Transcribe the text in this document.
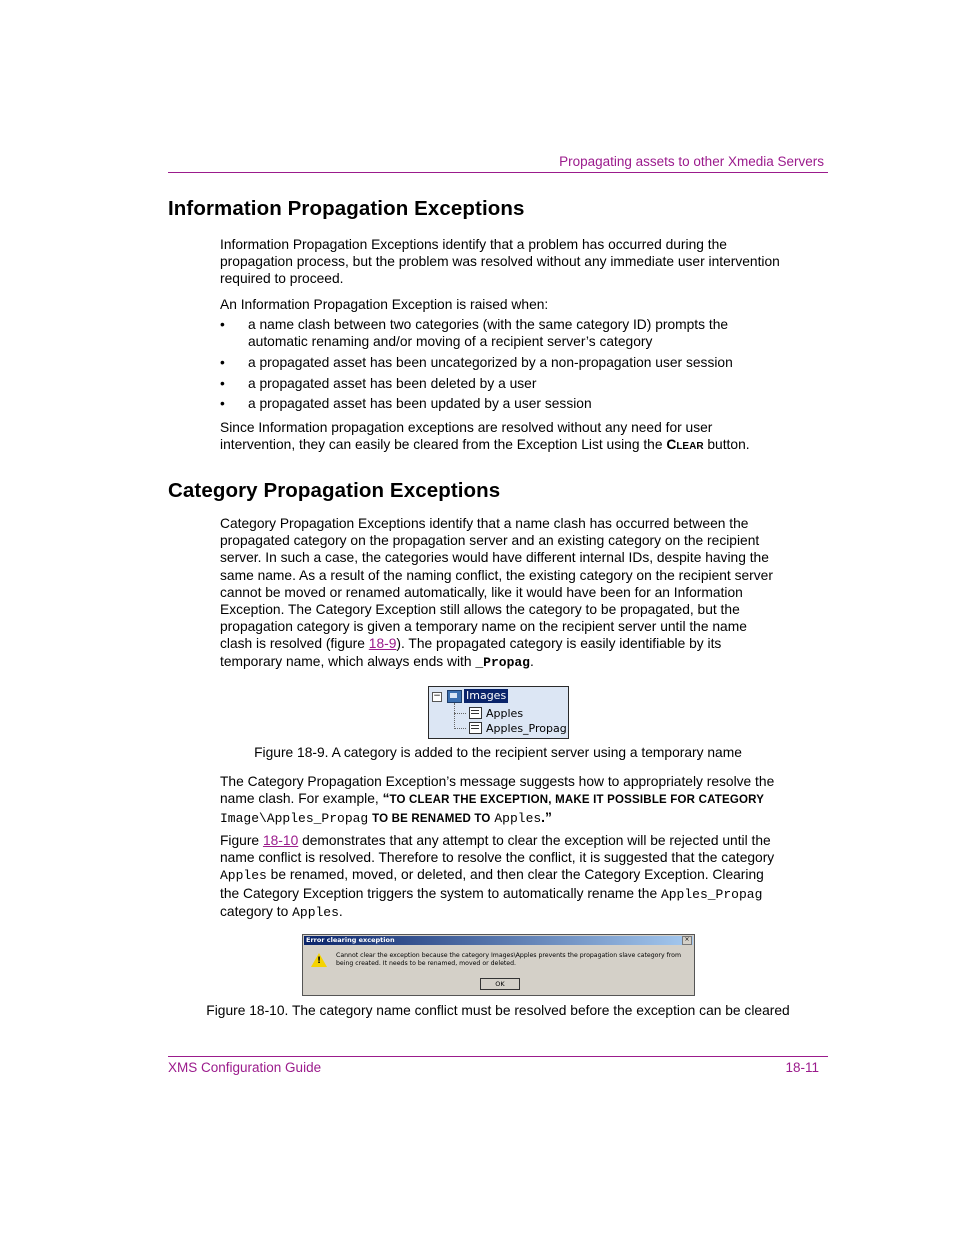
Propagating assets to other Xmedia Servers
Information Propagation Exceptions

Information Propagation Exceptions identify that a problem has occurred during the propagation process, but the problem was resolved without any immediate user intervention required to proceed.

An Information Propagation Exception is raised when:

• a name clash between two categories (with the same category ID) prompts the automatic renaming and/or moving of a recipient server’s category
• a propagated asset has been uncategorized by a non-propagation user session
• a propagated asset has been deleted by a user
• a propagated asset has been updated by a user session

Since Information propagation exceptions are resolved without any need for user intervention, they can easily be cleared from the Exception List using the Clear button.

Category Propagation Exceptions

Category Propagation Exceptions identify that a name clash has occurred between the propagated category on the propagation server and an existing category on the recipient server. In such a case, the categories would have different internal IDs, despite having the same name. As a result of the naming conflict, the existing category on the recipient server cannot be moved or renamed automatically, like it would have been for an Information Exception. The Category Exception still allows the category to be propagated, but the propagation category is given a temporary name on the recipient server until the name clash is resolved (figure 18-9). The propagated category is easily identifiable by its temporary name, which always ends with _Propag.

− Images
Apples
Apples_Propag
Figure 18-9. A category is added to the recipient server using a temporary name

The Category Propagation Exception’s message suggests how to appropriately resolve the name clash. For example, “TO CLEAR THE EXCEPTION, MAKE IT POSSIBLE FOR CATEGORY
Image\Apples_Propag TO BE RENAMED TO Apples.”

Figure 18-10 demonstrates that any attempt to clear the exception will be rejected until the name conflict is resolved. Therefore to resolve the conflict, it is suggested that the category Apples be renamed, moved, or deleted, and then clear the Category Exception. Clearing the Category Exception triggers the system to automatically rename the Apples_Propag
category to Apples.

Error clearing exception	×
!
Cannot clear the exception because the category Images\Apples prevents the propagation slave category from being created. It needs to be renamed, moved or deleted.
OK
Figure 18-10. The category name conflict must be resolved before the exception can be cleared
XMS Configuration Guide	18-11
